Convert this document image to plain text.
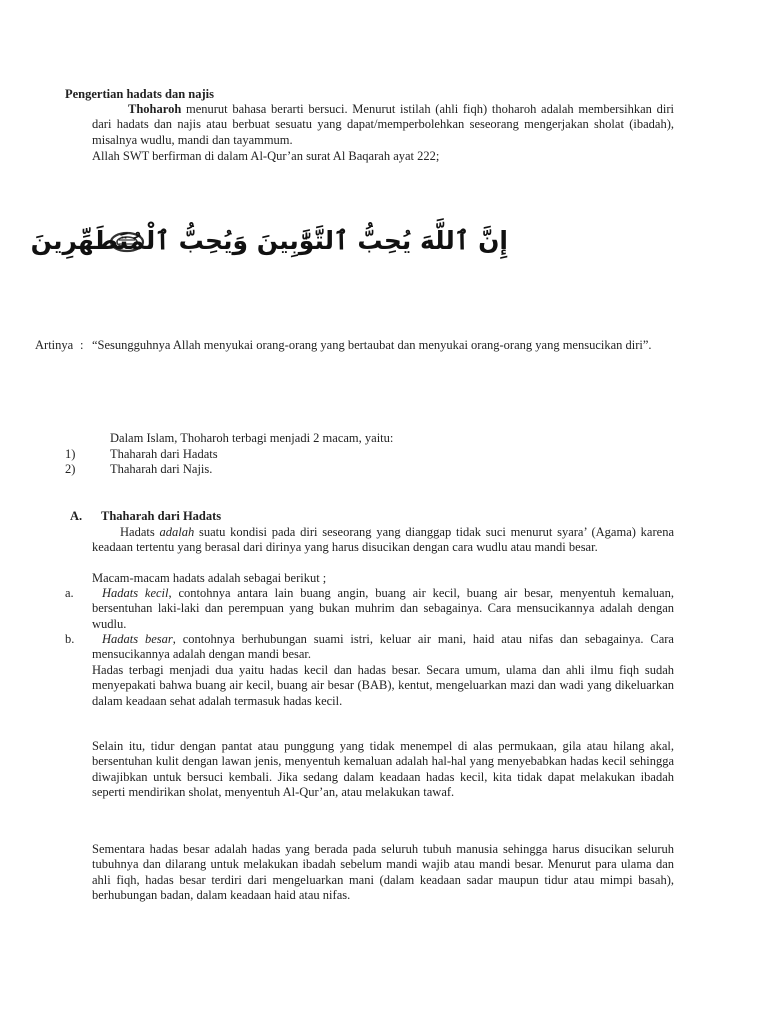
Pengertian hadats dan najis

Thoharoh menurut bahasa berarti bersuci. Menurut istilah (ahli fiqh) thoharoh adalah membersihkan diri dari hadats dan najis atau berbuat sesuatu yang dapat/memperbolehkan seseorang mengerjakan sholat (ibadah), misalnya wudlu, mandi dan tayammum.

Allah SWT berfirman di dalam Al-Qur’an surat Al Baqarah ayat 222;
إِنَّ ٱللَّهَ يُحِبُّ ٱلتَّوَّٰبِينَ وَيُحِبُّ ٱلْمُتَطَهِّرِينَ
Artinya : “Sesungguhnya Allah menyukai orang-orang yang bertaubat dan menyukai orang-orang yang mensucikan diri”.

Dalam Islam, Thoharoh terbagi menjadi 2 macam, yaitu:
1)	Thaharah dari Hadats
2)	Thaharah dari Najis.
A. Thaharah dari Hadats

Hadats adalah suatu kondisi pada diri seseorang yang dianggap tidak suci menurut syara’ (Agama) karena keadaan tertentu yang berasal dari dirinya yang harus disucikan dengan cara wudlu atau mandi besar.

Macam-macam hadats adalah sebagai berikut ;
a.	Hadats kecil, contohnya antara lain buang angin, buang air kecil, buang air besar, menyentuh kemaluan, bersentuhan laki-laki dan perempuan yang bukan muhrim dan sebagainya. Cara mensucikannya adalah dengan wudlu.

b.	Hadats besar, contohnya berhubungan suami istri, keluar air mani, haid atau nifas dan sebagainya. Cara mensucikannya adalah dengan mandi besar.

Hadas terbagi menjadi dua yaitu hadas kecil dan hadas besar. Secara umum, ulama dan ahli ilmu fiqh sudah menyepakati bahwa buang air kecil, buang air besar (BAB), kentut, mengeluarkan mazi dan wadi yang dikeluarkan dalam keadaan sehat adalah termasuk hadas kecil.

Selain itu, tidur dengan pantat atau punggung yang tidak menempel di alas permukaan, gila atau hilang akal, bersentuhan kulit dengan lawan jenis, menyentuh kemaluan adalah hal-hal yang menyebabkan hadas kecil sehingga diwajibkan untuk bersuci kembali. Jika sedang dalam keadaan hadas kecil, kita tidak dapat melakukan ibadah seperti mendirikan sholat, menyentuh Al-Qur’an, atau melakukan tawaf.

Sementara hadas besar adalah hadas yang berada pada seluruh tubuh manusia sehingga harus disucikan seluruh tubuhnya dan dilarang untuk melakukan ibadah sebelum mandi wajib atau mandi besar. Menurut para ulama dan ahli fiqh, hadas besar terdiri dari mengeluarkan mani (dalam keadaan sadar maupun tidur atau mimpi basah), berhubungan badan, dalam keadaan haid atau nifas.
